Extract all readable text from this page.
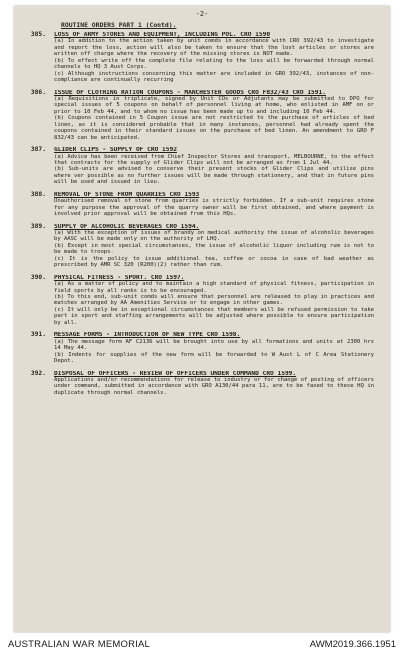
-2-
ROUTINE ORDERS PART 1 (Contd).
385.	LOSS OF ARMY STORES AND EQUIPMENT, INCLUDING POL. CRO 1590

(a) In addition to the action taken by unit comds in accordance with CRO 392/43 to investigate and report the loss, action will also be taken to ensure that the lost articles or stores are written off charge where the recovery of the missing stores is NOT made.

(b) To effect write off the complete file relating to the loss will be forwarded through normal channels to HQ 3 Aust Corps.

(c) Although instructions concerning this matter are included in GRO 392/43, instances of non-compliance are continually recurring

386.	ISSUE OF CLOTHING RATION COUPONS - MANCHESTER GOODS CRO F832/43 CRO 1591.

(a) Requisitions in triplicate, signed by Unit COs or Adjutants may be submitted to DPO for special issues of 5 coupons on behalf of personnel living at home, who enlisted in AMF on or prior to 10 Feb 44, and to whom no issue has been made up to and including 10 Feb 44.

(b) Coupons contained in 5 Coupon issue are not restricted to the purchase of articles of bed linen, as it is considered probable that in many instances, personnel had already spent the coupons contained in their standard issues on the purchase of bed linen. An amendment to GRO F 832/43 can be anticipated.

387.	GLIDER CLIPS - SUPPLY OF CRO 1592

(a) Advice has been received from Chief Inspector Stores and transport, MELBOURNE, to the effect that contracts for the supply of Glider Clips will not be arranged as from 1 Jul 44.

(b) Sub-units are advised to conserve their present stocks of Glider Clips and utilise pins where ver possible as no further issues will be made through stationery, and that in future pins will be used and issued in lieu.

388.	REMOVAL OF STONE FROM QUARRIES CRO 1593

Unauthorised removal of stone from quarries is strictly forbidden. If a sub-unit requires stone for any purpose the approval of the quarry owner will be first obtained, and where payment is involved prior approval will be obtained from this HQs.

389.	SUPPLY OF ALCOHOLIC BEVERAGES CRO 1594.

(a) With the exception of issues of brandy on medical authority the issue of alcoholic beverages by AASC will be made only on the authority of LHQ.

(b) Except in most special circumstances, the issue of alcoholic liquor including rum is not to be made to troops.

(c) It is the policy to issue additional tea, coffee or cocoa in case of bad weather as prescribed by AMR SC 320 (R200)(2) rather than rum.

390.	PHYSICAL FITNESS - SPORT. CRO 1597.

(a) As a matter of policy and to maintain a high standard of physical fitness, participation in field sports by all ranks is to be encouraged.

(b) To this end, sub-unit comds will ensure that personnel are released to play in practices and matches arranged by AA Amenities Service or to engage in other games.

(c) It will only be in exceptional circumstances that members will be refused permission to take part in sport and staffing arrangements will be adjusted where possible to ensure participation by all.

391.	MESSAGE FORMS - INTRODUCTION OF NEW TYPE CRO 1598.

(a) The message form AF C2136 will be brought into use by all formations and units at 2300 hrs 14 May 44.

(b) Indents for supplies of the new form will be forwarded to W Aust L of C Area Stationery Depot.

392.	DISPOSAL OF OFFICERS - REVIEW OF OFFICERS UNDER COMMAND CRO 1599.

Applications and/or recommendations for release to industry or for change of posting of officers under command, submitted in accordance with GRO A130/44 para 11, are to be faxed to these HQ in duplicate through normal channels.

AUSTRALIAN WAR MEMORIAL	AWM2019.366.1951
